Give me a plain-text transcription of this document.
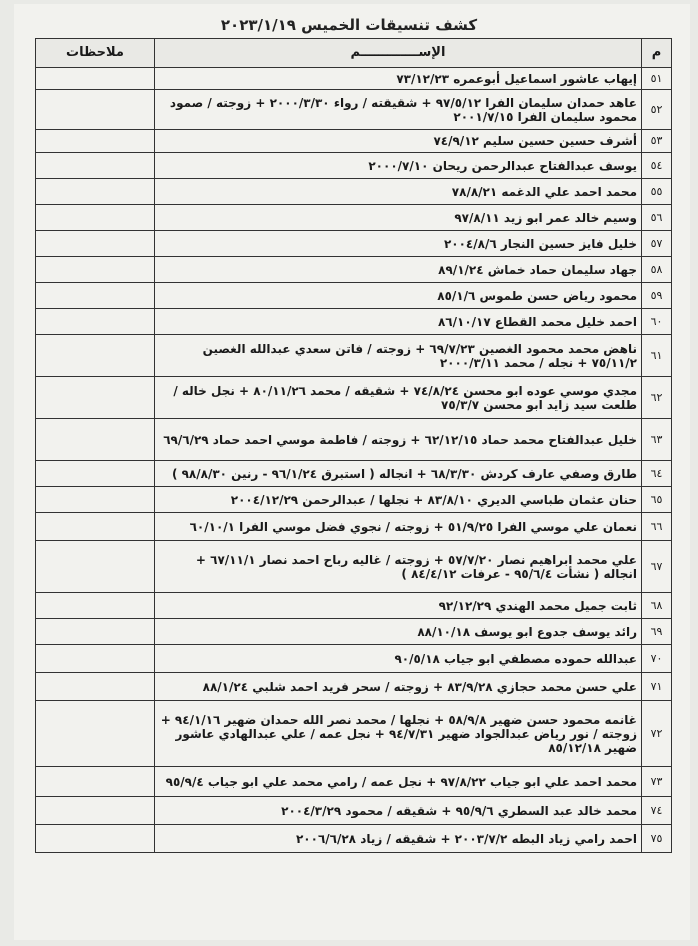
كشف تنسيقات الخميس ٢٠٢٣/١/١٩
م	الإســـــــــــــم	ملاحظات
٥١	إيهاب عاشور اسماعيل أبوعمره ٧٣/١٢/٢٣	
٥٢	عاهد حمدان سليمان الفرا ٩٧/٥/١٢ + شقيقته / رواء ٢٠٠٠/٣/٣٠ + زوجته / صمود محمود سليمان الفرا ٢٠٠١/٧/١٥	
٥٣	أشرف حسين حسين سليم ٧٤/٩/١٢	
٥٤	يوسف عبدالفتاح عبدالرحمن ريحان ٢٠٠٠/٧/١٠	
٥٥	محمد احمد علي الدغمه ٧٨/٨/٢١	
٥٦	وسيم خالد عمر ابو زيد ٩٧/٨/١١	
٥٧	خليل فايز حسين النجار ٢٠٠٤/٨/٦	
٥٨	جهاد سليمان حماد خماش ٨٩/١/٢٤	
٥٩	محمود رياض حسن طموس ٨٥/١/٦	
٦٠	احمد خليل محمد القطاع ٨٦/١٠/١٧	
٦١	ناهض محمد محمود الغصين ٦٩/٧/٢٣ + زوجته / فاتن سعدي عبدالله الغصين ٧٥/١١/٢ + نجله / محمد ٢٠٠٠/٣/١١	
٦٢	مجدي موسي عوده ابو محسن ٧٤/٨/٢٤ + شقيقه / محمد ٨٠/١١/٢٦ + نجل خاله / طلعت سيد زايد ابو محسن ٧٥/٣/٧	
٦٣	خليل عبدالفتاح محمد حماد ٦٢/١٢/١٥ + زوجته / فاطمة موسي احمد حماد ٦٩/٦/٢٩	
٦٤	طارق وصفي عارف كردش ٦٨/٣/٣٠ + انجاله ( استبرق ٩٦/١/٢٤ - رنين ٩٨/٨/٣٠ )	
٦٥	حنان عثمان طباسي الديري ٨٣/٨/١٠ + نجلها / عبدالرحمن ٢٠٠٤/١٢/٢٩	
٦٦	نعمان علي موسي الفرا ٥١/٩/٢٥ + زوجته / نجوي فضل موسي الفرا ٦٠/١٠/١	
٦٧	علي محمد ابراهيم نصار ٥٧/٧/٢٠ + زوجته / غاليه رباح احمد نصار ٦٧/١١/١ + انجاله ( نشأت ٩٥/٦/٤ - عرفات ٨٤/٤/١٢ )	
٦٨	ثابت جميل محمد الهندي ٩٢/١٢/٢٩	
٦٩	رائد يوسف جدوع ابو يوسف ٨٨/١٠/١٨	
٧٠	عبدالله حموده مصطفي ابو جياب ٩٠/٥/١٨	
٧١	علي حسن محمد حجازي ٨٣/٩/٢٨ + زوجته / سحر فريد احمد شلبي ٨٨/١/٢٤	
٧٢	غانمه محمود حسن ضهير ٥٨/٩/٨ + نجلها / محمد نصر الله حمدان ضهير ٩٤/١/١٦ + زوجته / نور رياض عبدالجواد ضهير ٩٤/٧/٣١ + نجل عمه / علي عبدالهادي عاشور ضهير ٨٥/١٢/١٨	
٧٣	محمد احمد علي ابو جياب ٩٧/٨/٢٢ + نجل عمه / رامي محمد علي ابو جياب ٩٥/٩/٤	
٧٤	محمد خالد عبد السطري ٩٥/٩/٦ + شقيقه / محمود ٢٠٠٤/٣/٢٩	
٧٥	احمد رامي زياد البطه ٢٠٠٣/٧/٢ + شقيقه / زياد ٢٠٠٦/٦/٢٨	
